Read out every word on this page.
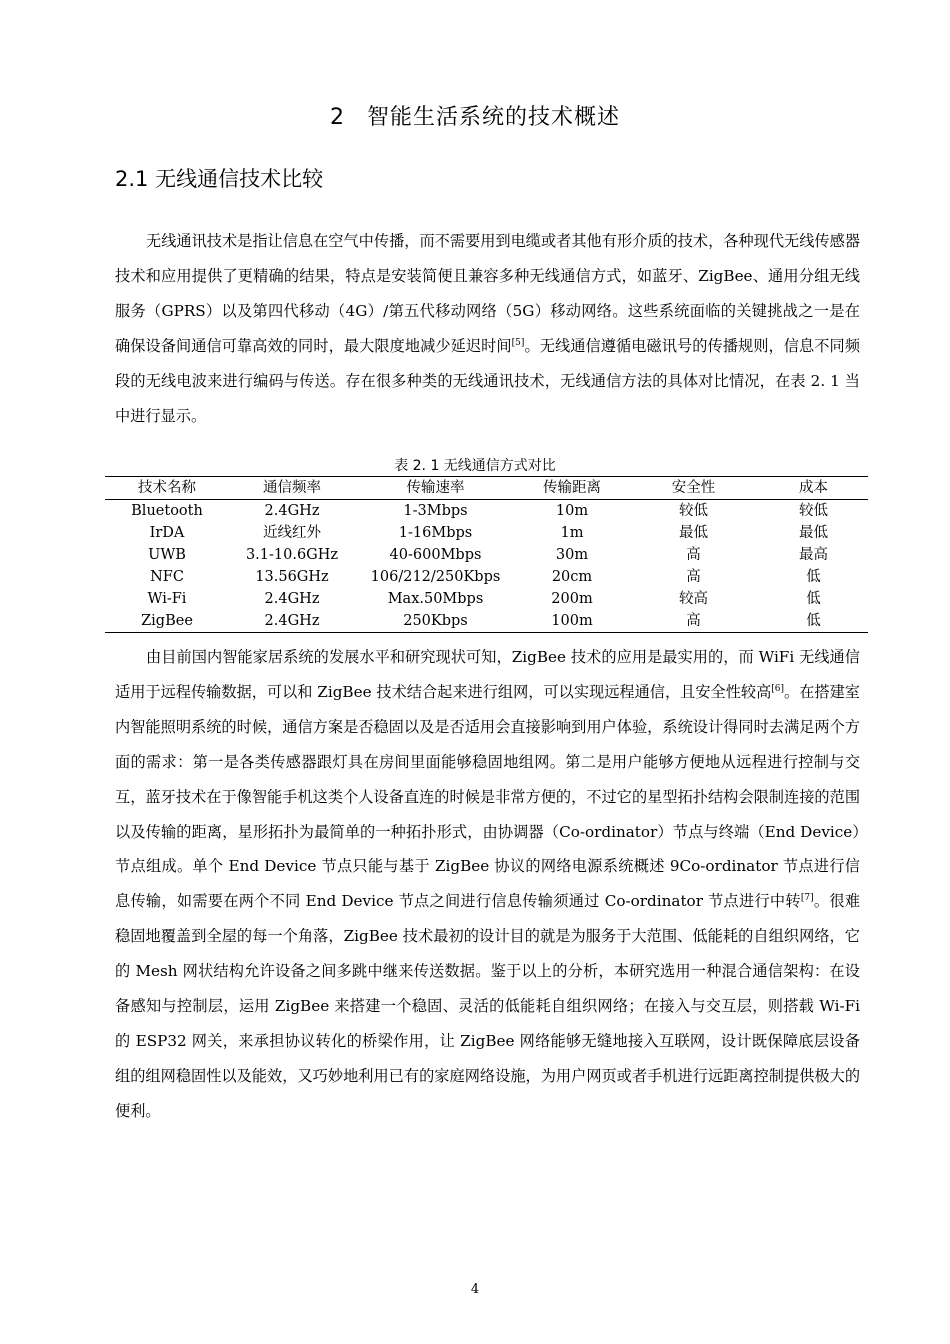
2 智能生活系统的技术概述
2.1 无线通信技术比较

无线通讯技术是指让信息在空气中传播，而不需要用到电缆或者其他有形介质的技术，各种现代无线传感器技术和应用提供了更精确的结果，特点是安装简便且兼容多种无线通信方式，如蓝牙、ZigBee、通用分组无线服务（GPRS）以及第四代移动（4G）/第五代移动网络（5G）移动网络。这些系统面临的关键挑战之一是在确保设备间通信可靠高效的同时，最大限度地减少延迟时间[5]。无线通信遵循电磁讯号的传播规则，信息不同频段的无线电波来进行编码与传送。存在很多种类的无线通讯技术，无线通信方法的具体对比情况，在表 2. 1 当中进行显示。

表 2. 1 无线通信方式对比
技术名称	通信频率	传输速率	传输距离	安全性	成本
Bluetooth	2.4GHz	1-3Mbps	10m	较低	较低
IrDA	近线红外	1-16Mbps	1m	最低	最低
UWB	3.1-10.6GHz	40-600Mbps	30m	高	最高
NFC	13.56GHz	106/212/250Kbps	20cm	高	低
Wi-Fi	2.4GHz	Max.50Mbps	200m	较高	低
ZigBee	2.4GHz	250Kbps	100m	高	低

由目前国内智能家居系统的发展水平和研究现状可知，ZigBee 技术的应用是最实用的，而 WiFi 无线通信适用于远程传输数据，可以和 ZigBee 技术结合起来进行组网，可以实现远程通信，且安全性较高[6]。在搭建室内智能照明系统的时候，通信方案是否稳固以及是否适用会直接影响到用户体验，系统设计得同时去满足两个方面的需求：第一是各类传感器跟灯具在房间里面能够稳固地组网。第二是用户能够方便地从远程进行控制与交互，蓝牙技术在于像智能手机这类个人设备直连的时候是非常方便的，不过它的星型拓扑结构会限制连接的范围以及传输的距离，星形拓扑为最简单的一种拓扑形式，由协调器（Co-ordinator）节点与终端（End Device）节点组成。单个 End Device 节点只能与基于 ZigBee 协议的网络电源系统概述 9Co-ordinator 节点进行信息传输，如需要在两个不同 End Device 节点之间进行信息传输须通过 Co-ordinator 节点进行中转[7]。很难稳固地覆盖到全屋的每一个角落，ZigBee 技术最初的设计目的就是为服务于大范围、低能耗的自组织网络，它的 Mesh 网状结构允许设备之间多跳中继来传送数据。鉴于以上的分析，本研究选用一种混合通信架构：在设备感知与控制层，运用 ZigBee 来搭建一个稳固、灵活的低能耗自组织网络；在接入与交互层，则搭载 Wi-Fi 的 ESP32 网关，来承担协议转化的桥梁作用，让 ZigBee 网络能够无缝地接入互联网，设计既保障底层设备组的组网稳固性以及能效，又巧妙地利用已有的家庭网络设施，为用户网页或者手机进行远距离控制提供极大的便利。

4
